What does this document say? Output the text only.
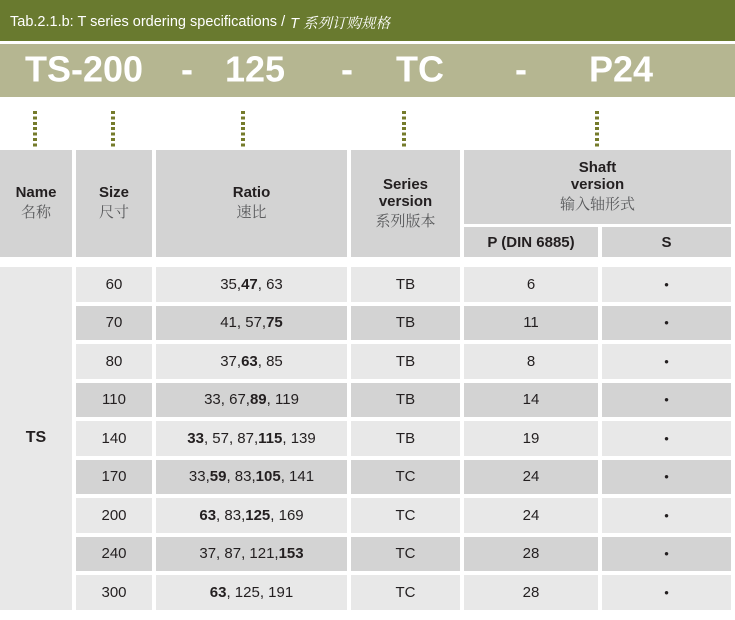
Tab.2.1.b: T series ordering specifications / T 系列订购规格
TS-200 - 125 - TC - P24
Name
名称
Size
尺寸
Ratio
速比
Series version
系列版本
Shaft version
输入轴形式
P (DIN 6885)	S
TS
60	35, 47 , 63	TB	6	•
70	41, 57, 75	TB	11	•
80	37, 63 , 85	TB	8	•
110	33, 67, 89 , 119	TB	14	•
140	33 , 57, 87, 115 , 139	TB	19	•
170	33, 59 , 83, 105 , 141	TC	24	•
200	63 , 83, 125 , 169	TC	24	•
240	37, 87, 121, 153	TC	28	•
300	63 , 125, 191	TC	28	•
